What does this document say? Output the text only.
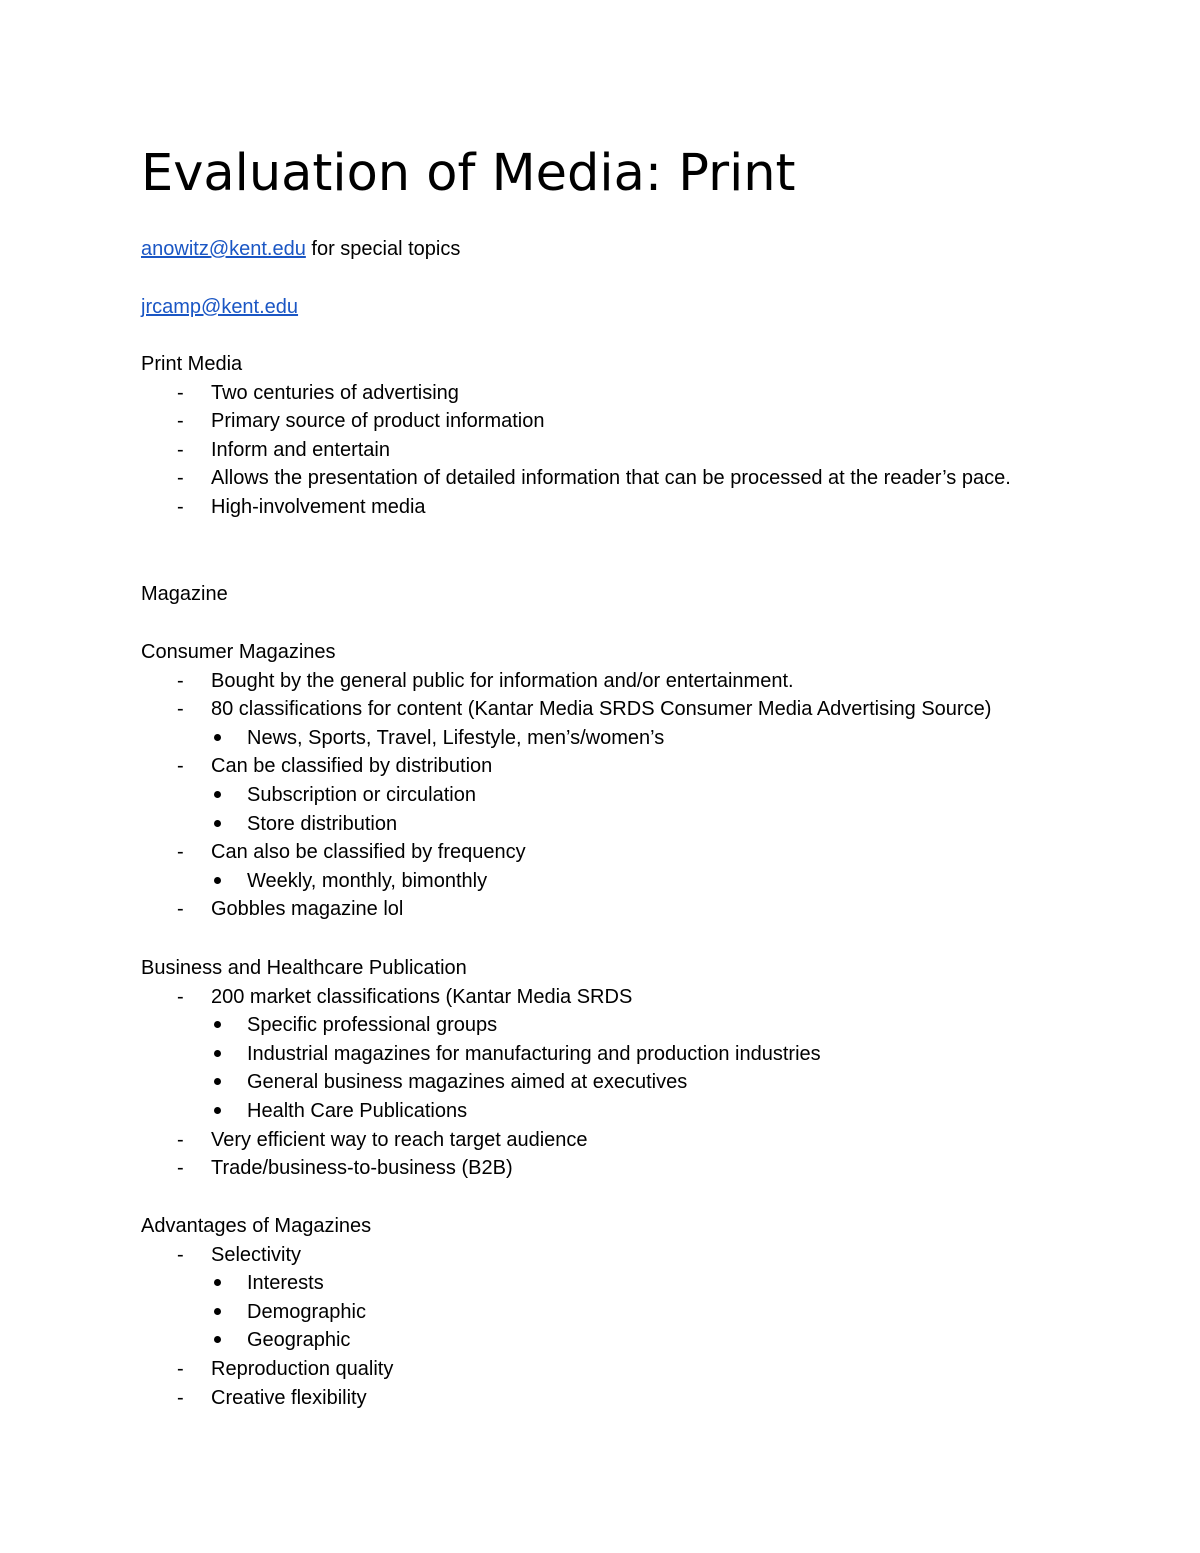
Evaluation of Media: Print

anowitz@kent.edu for special topics

jrcamp@kent.edu

Print Media
- Two centuries of advertising
- Primary source of product information
- Inform and entertain
- Allows the presentation of detailed information that can be processed at the reader’s pace.
- High-involvement media
Magazine
Consumer Magazines
- Bought by the general public for information and/or entertainment.
- 80 classifications for content (Kantar Media SRDS Consumer Media Advertising Source)
News, Sports, Travel, Lifestyle, men’s/women’s
- Can be classified by distribution
Subscription or circulation
Store distribution
- Can also be classified by frequency
Weekly, monthly, bimonthly
- Gobbles magazine lol
Business and Healthcare Publication
- 200 market classifications (Kantar Media SRDS
Specific professional groups
Industrial magazines for manufacturing and production industries
General business magazines aimed at executives
Health Care Publications
- Very efficient way to reach target audience
- Trade/business-to-business (B2B)
Advantages of Magazines
- Selectivity
Interests
Demographic
Geographic
- Reproduction quality
- Creative flexibility
